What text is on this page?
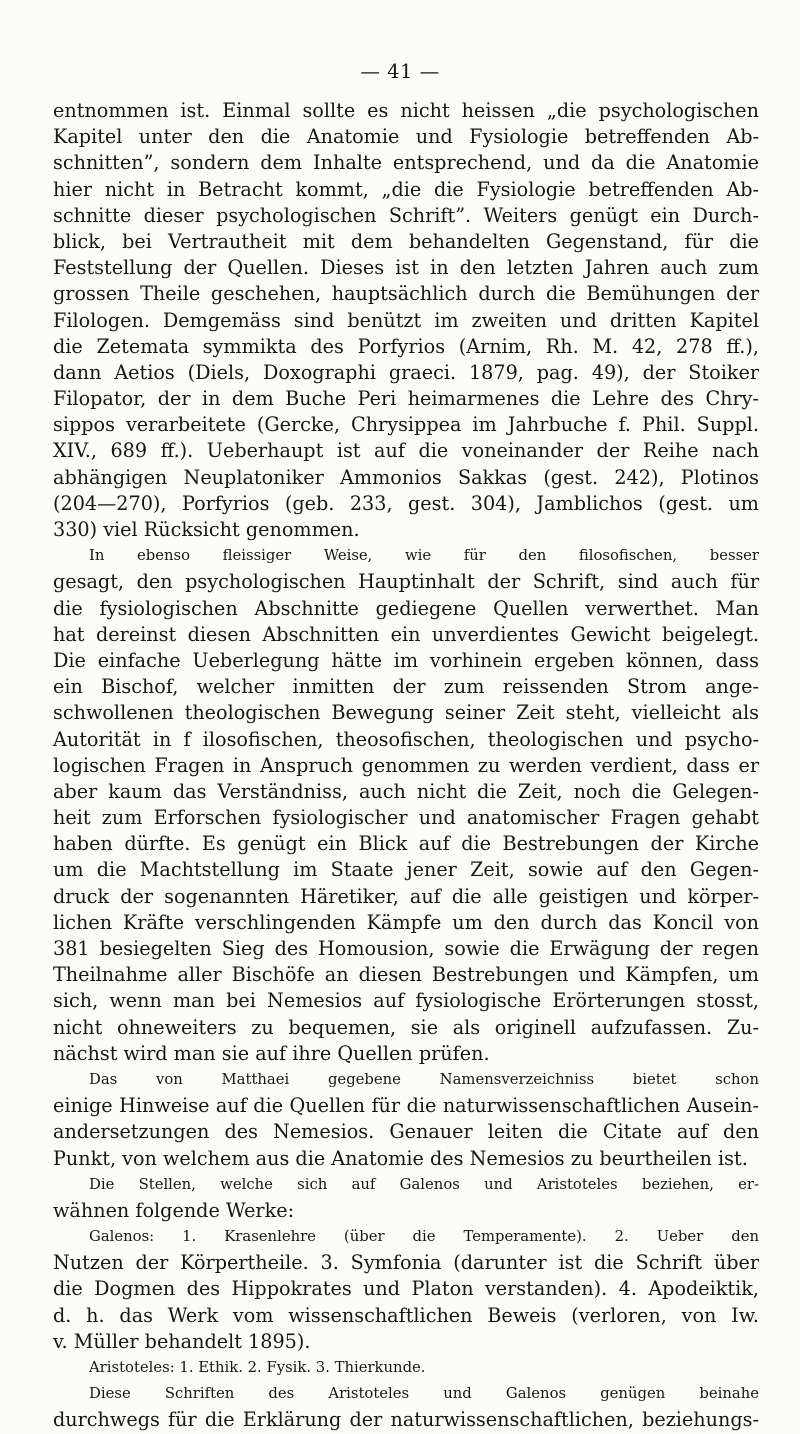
— 41 —
entnommen ist. Einmal sollte es nicht heissen „die psychologischen
Kapitel unter den die Anatomie und Fysiologie betreffenden Ab-
schnitten”, sondern dem Inhalte entsprechend, und da die Anatomie
hier nicht in Betracht kommt, „die die Fysiologie betreffenden Ab-
schnitte dieser psychologischen Schrift”. Weiters genügt ein Durch-
blick, bei Vertrautheit mit dem behandelten Gegenstand, für die
Feststellung der Quellen. Dieses ist in den letzten Jahren auch zum
grossen Theile geschehen, hauptsächlich durch die Bemühungen der
Filologen. Demgemäss sind benützt im zweiten und dritten Kapitel
die Zetemata symmikta des Porfyrios (Arnim, Rh. M. 42, 278 ff.),
dann Aetios (Diels, Doxographi graeci. 1879, pag. 49), der Stoiker
Filopator, der in dem Buche Peri heimarmenes die Lehre des Chry-
sippos verarbeitete (Gercke, Chrysippea im Jahrbuche f. Phil. Suppl.
XIV., 689 ff.). Ueberhaupt ist auf die voneinander der Reihe nach
abhängigen Neuplatoniker Ammonios Sakkas (gest. 242), Plotinos
(204—270), Porfyrios (geb. 233, gest. 304), Jamblichos (gest. um
330) viel Rücksicht genommen.
In ebenso fleissiger Weise, wie für den filosofischen, besser
gesagt, den psychologischen Hauptinhalt der Schrift, sind auch für
die fysiologischen Abschnitte gediegene Quellen verwerthet. Man
hat dereinst diesen Abschnitten ein unverdientes Gewicht beigelegt.
Die einfache Ueberlegung hätte im vorhinein ergeben können, dass
ein Bischof, welcher inmitten der zum reissenden Strom ange-
schwollenen theologischen Bewegung seiner Zeit steht, vielleicht als
Autorität in f ilosofischen, theosofischen, theologischen und psycho-
logischen Fragen in Anspruch genommen zu werden verdient, dass er
aber kaum das Verständniss, auch nicht die Zeit, noch die Gelegen-
heit zum Erforschen fysiologischer und anatomischer Fragen gehabt
haben dürfte. Es genügt ein Blick auf die Bestrebungen der Kirche
um die Machtstellung im Staate jener Zeit, sowie auf den Gegen-
druck der sogenannten Häretiker, auf die alle geistigen und körper-
lichen Kräfte verschlingenden Kämpfe um den durch das Koncil von
381 besiegelten Sieg des Homousion, sowie die Erwägung der regen
Theilnahme aller Bischöfe an diesen Bestrebungen und Kämpfen, um
sich, wenn man bei Nemesios auf fysiologische Erörterungen stosst,
nicht ohneweiters zu bequemen, sie als originell aufzufassen. Zu-
nächst wird man sie auf ihre Quellen prüfen.
Das von Matthaei gegebene Namensverzeichniss bietet schon
einige Hinweise auf die Quellen für die naturwissenschaftlichen Ausein-
andersetzungen des Nemesios. Genauer leiten die Citate auf den
Punkt, von welchem aus die Anatomie des Nemesios zu beurtheilen ist.
Die Stellen, welche sich auf Galenos und Aristoteles beziehen, er-
wähnen folgende Werke:
Galenos: 1. Krasenlehre (über die Temperamente). 2. Ueber den
Nutzen der Körpertheile. 3. Symfonia (darunter ist die Schrift über
die Dogmen des Hippokrates und Platon verstanden). 4. Apodeiktik,
d. h. das Werk vom wissenschaftlichen Beweis (verloren, von Iw.
v. Müller behandelt 1895).
Aristoteles: 1. Ethik. 2. Fysik. 3. Thierkunde.
Diese Schriften des Aristoteles und Galenos genügen beinahe
durchwegs für die Erklärung der naturwissenschaftlichen, beziehungs-
